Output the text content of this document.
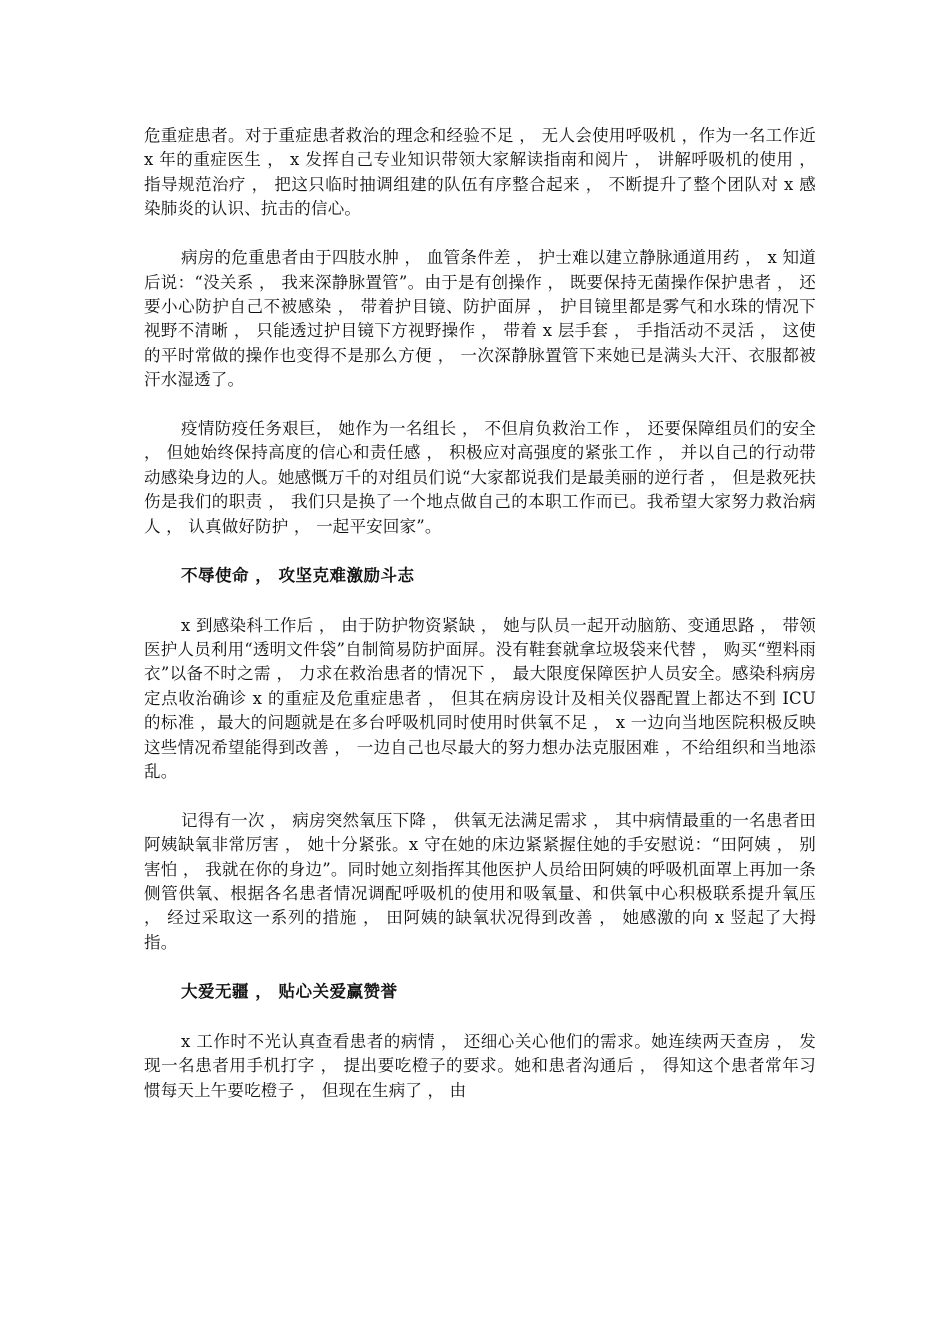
危重症患者。对于重症患者救治的理念和经验不足 ， 无人会使用呼吸机 ，作为一名工作近 x 年的重症医生 ， x 发挥自己专业知识带领大家解读指南和阅片 ， 讲解呼吸机的使用 ， 指导规范治疗 ， 把这只临时抽调组建的队伍有序整合起来 ， 不断提升了整个团队对 x 感染肺炎的认识、抗击的信心。

病房的危重患者由于四肢水肿 ， 血管条件差 ， 护士难以建立静脉通道用药 ， x 知道后说：“没关系 ， 我来深静脉置管”。由于是有创操作 ， 既要保持无菌操作保护患者 ， 还要小心防护自己不被感染 ， 带着护目镜、防护面屏 ， 护目镜里都是雾气和水珠的情况下视野不清晰 ， 只能透过护目镜下方视野操作 ， 带着 x 层手套 ， 手指活动不灵活 ， 这使的平时常做的操作也变得不是那么方便 ， 一次深静脉置管下来她已是满头大汗、衣服都被汗水湿透了。

疫情防疫任务艰巨， 她作为一名组长 ， 不但肩负救治工作 ， 还要保障组员们的安全 ， 但她始终保持高度的信心和责任感 ， 积极应对高强度的紧张工作 ， 并以自己的行动带动感染身边的人。她感慨万千的对组员们说“大家都说我们是最美丽的逆行者 ， 但是救死扶伤是我们的职责 ， 我们只是换了一个地点做自己的本职工作而已。我希望大家努力救治病人 ， 认真做好防护 ， 一起平安回家”。

不辱使命 ， 攻坚克难激励斗志

x 到感染科工作后 ， 由于防护物资紧缺 ， 她与队员一起开动脑筋、变通思路 ， 带领医护人员利用“透明文件袋”自制简易防护面屏。没有鞋套就拿垃圾袋来代替 ， 购买“塑料雨衣”以备不时之需 ， 力求在救治患者的情况下 ， 最大限度保障医护人员安全。感染科病房定点收治确诊 x 的重症及危重症患者 ， 但其在病房设计及相关仪器配置上都达不到 ICU 的标准 ，最大的问题就是在多台呼吸机同时使用时供氧不足 ， x 一边向当地医院积极反映这些情况希望能得到改善 ， 一边自己也尽最大的努力想办法克服困难 ，不给组织和当地添乱。

记得有一次 ， 病房突然氧压下降 ， 供氧无法满足需求 ， 其中病情最重的一名患者田阿姨缺氧非常厉害 ， 她十分紧张。x 守在她的床边紧紧握住她的手安慰说：“田阿姨 ， 别害怕 ， 我就在你的身边”。同时她立刻指挥其他医护人员给田阿姨的呼吸机面罩上再加一条侧管供氧、根据各名患者情况调配呼吸机的使用和吸氧量、和供氧中心积极联系提升氧压 ， 经过采取这一系列的措施 ， 田阿姨的缺氧状况得到改善 ， 她感激的向 x 竖起了大拇指。

大爱无疆 ， 贴心关爱赢赞誉

x 工作时不光认真查看患者的病情 ， 还细心关心他们的需求。她连续两天查房 ， 发现一名患者用手机打字 ， 提出要吃橙子的要求。她和患者沟通后 ， 得知这个患者常年习惯每天上午要吃橙子 ， 但现在生病了 ， 由
